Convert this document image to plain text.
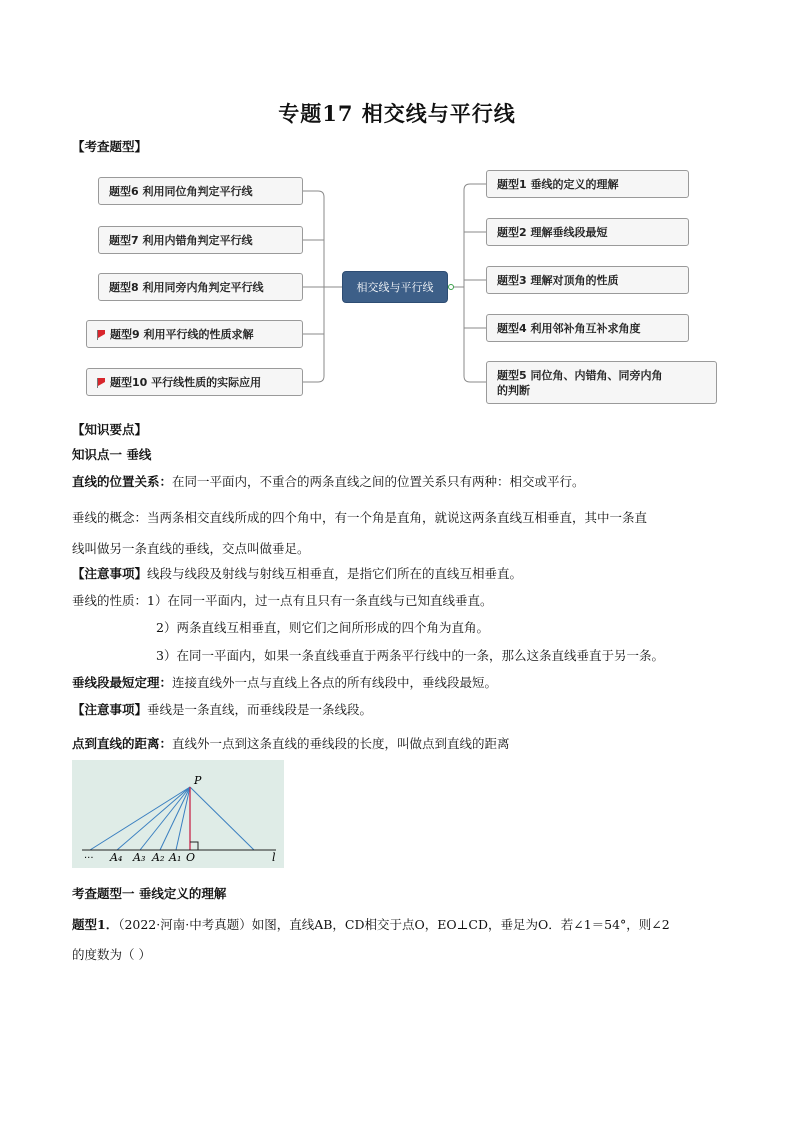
专题17 相交线与平行线
【考查题型】
相交线与平行线
题型6 利用同位角判定平行线
题型7 利用内错角判定平行线
题型8 利用同旁内角判定平行线
题型9 利用平行线的性质求解
题型10 平行线性质的实际应用
题型1 垂线的定义的理解
题型2 理解垂线段最短
题型3 理解对顶角的性质
题型4 利用邻补角互补求角度
题型5 同位角、内错角、同旁内角
的判断
【知识要点】
知识点一 垂线
直线的位置关系：在同一平面内，不重合的两条直线之间的位置关系只有两种：相交或平行。
垂线的概念：当两条相交直线所成的四个角中，有一个角是直角，就说这两条直线互相垂直，其中一条直
线叫做另一条直线的垂线，交点叫做垂足。
【注意事项】线段与线段及射线与射线互相垂直，是指它们所在的直线互相垂直。
垂线的性质：1）在同一平面内，过一点有且只有一条直线与已知直线垂直。
2）两条直线互相垂直，则它们之间所形成的四个角为直角。
3）在同一平面内，如果一条直线垂直于两条平行线中的一条，那么这条直线垂直于另一条。
垂线段最短定理：连接直线外一点与直线上各点的所有线段中，垂线段最短。
【注意事项】垂线是一条直线，而垂线段是一条线段。
点到直线的距离：直线外一点到这条直线的垂线段的长度，叫做点到直线的距离
P
··· A₄ A₃ A₂ A₁ O	l
考查题型一 垂线定义的理解
题型1．（2022·河南·中考真题）如图，直线AB，CD相交于点O，EO⊥CD，垂足为O．若∠1＝54°，则∠2
的度数为（ ）
